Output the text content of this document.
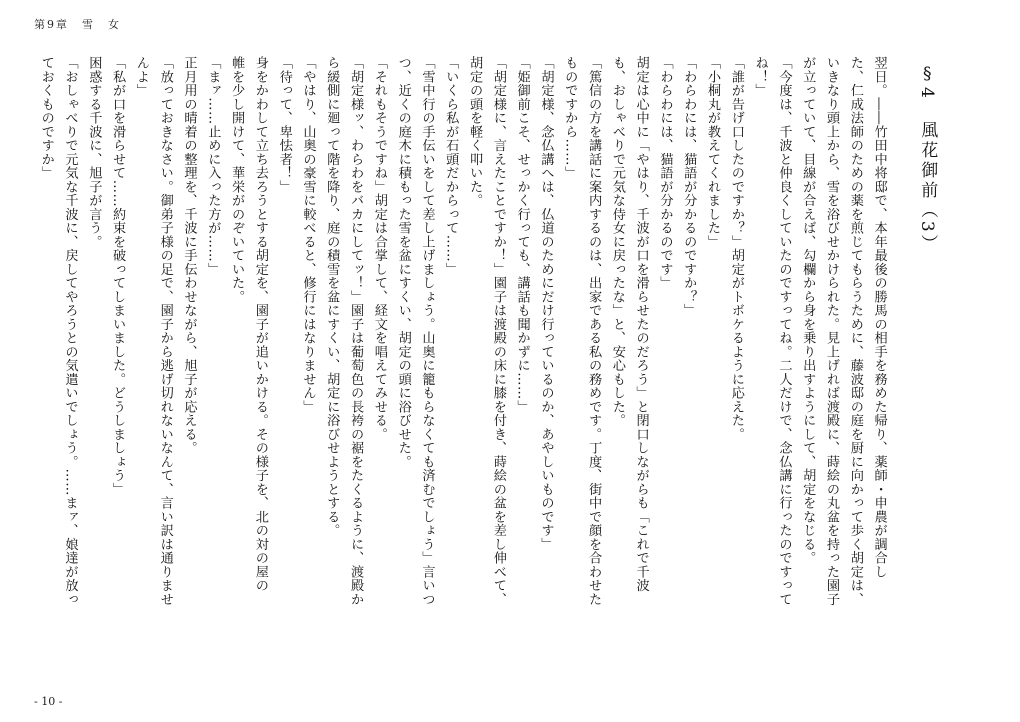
第9章　雪　女
§4　風花御前（3）
翌日。――竹田中将邸で、本年最後の勝馬の相手を務めた帰り、薬師・申農が調合し
た、仁成法師のための薬を煎じてもらうために、藤波邸の庭を厨に向かって歩く胡定は、
いきなり頭上から、雪を浴びせかけられた。見上げれば渡殿に、蒔絵の丸盆を持った園子
が立っていて、目線が合えば、勾欄から身を乗り出すようにして、胡定をなじる。
「今度は、千波と仲良くしていたのですってね。二人だけで、念仏講に行ったのですって
ね！」
「誰が告げ口したのですか？」胡定がトボケるように応えた。
「小桐丸が教えてくれました」
「わらわには、猫語が分かるのですか？」
「わらわには、猫語が分かるのです」
胡定は心中に「やはり、千波が口を滑らせたのだろう」と閉口しながらも「これで千波
も、おしゃべりで元気な侍女に戻ったな」と、安心もした。
「篤信の方を講話に案内するのは、出家である私の務めです。丁度、街中で顔を合わせた
ものですから……」
「胡定様、念仏講へは、仏道のためにだけ行っているのか、あやしいものです」
「姫御前こそ、せっかく行っても、講話も聞かずに……」
「胡定様に、言えたことですか！」園子は渡殿の床に膝を付き、蒔絵の盆を差し伸べて、
胡定の頭を軽く叩いた。
「いくら私が石頭だからって……」
「雪中行の手伝いをして差し上げましょう。山奥に籠もらなくても済むでしょう」言いつ
つ、近くの庭木に積もった雪を盆にすくい、胡定の頭に浴びせた。
「それもそうですね」胡定は合掌して、経文を唱えてみせる。
「胡定様ッ、わらわをバカにしてッ！」園子は葡萄色の長袴の裾をたくるように、渡殿か
ら緩側に廻って階を降り、庭の積雪を盆にすくい、胡定に浴びせようとする。
「やはり、山奥の豪雪に較べると、修行にはなりません」
「待って、卑怯者！」
身をかわして立ち去ろうとする胡定を、園子が追いかける。その様子を、北の対の屋の
帷を少し開けて、華栄がのぞいていた。
「まァ……止めに入った方が……」
正月用の晴着の整理を、千波に手伝わせながら、旭子が応える。
「放っておきなさい。御弟子様の足で、園子から逃げ切れないなんて、言い訳は通りませ
んよ」
「私が口を滑らせて……約束を破ってしまいました。どうしましょう」
困惑する千波に、旭子が言う。
「おしゃべりで元気な千波に、戻してやろうとの気遣いでしょう。……まァ、娘達が放っ
ておくものですか」
- 10 -
